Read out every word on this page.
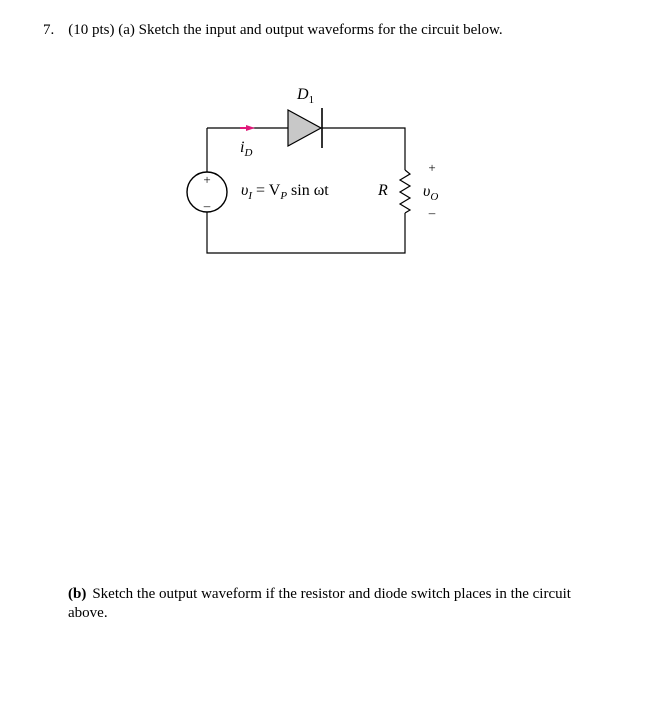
7. (10 pts) (a) Sketch the input and output waveforms for the circuit below.
+
–
$D_1$
$i_D$
$\upsilon_I = V_P$ sin ωt	R
+
$\upsilon_O$
–
(b) Sketch the output waveform if the resistor and diode switch places in the circuit above.
